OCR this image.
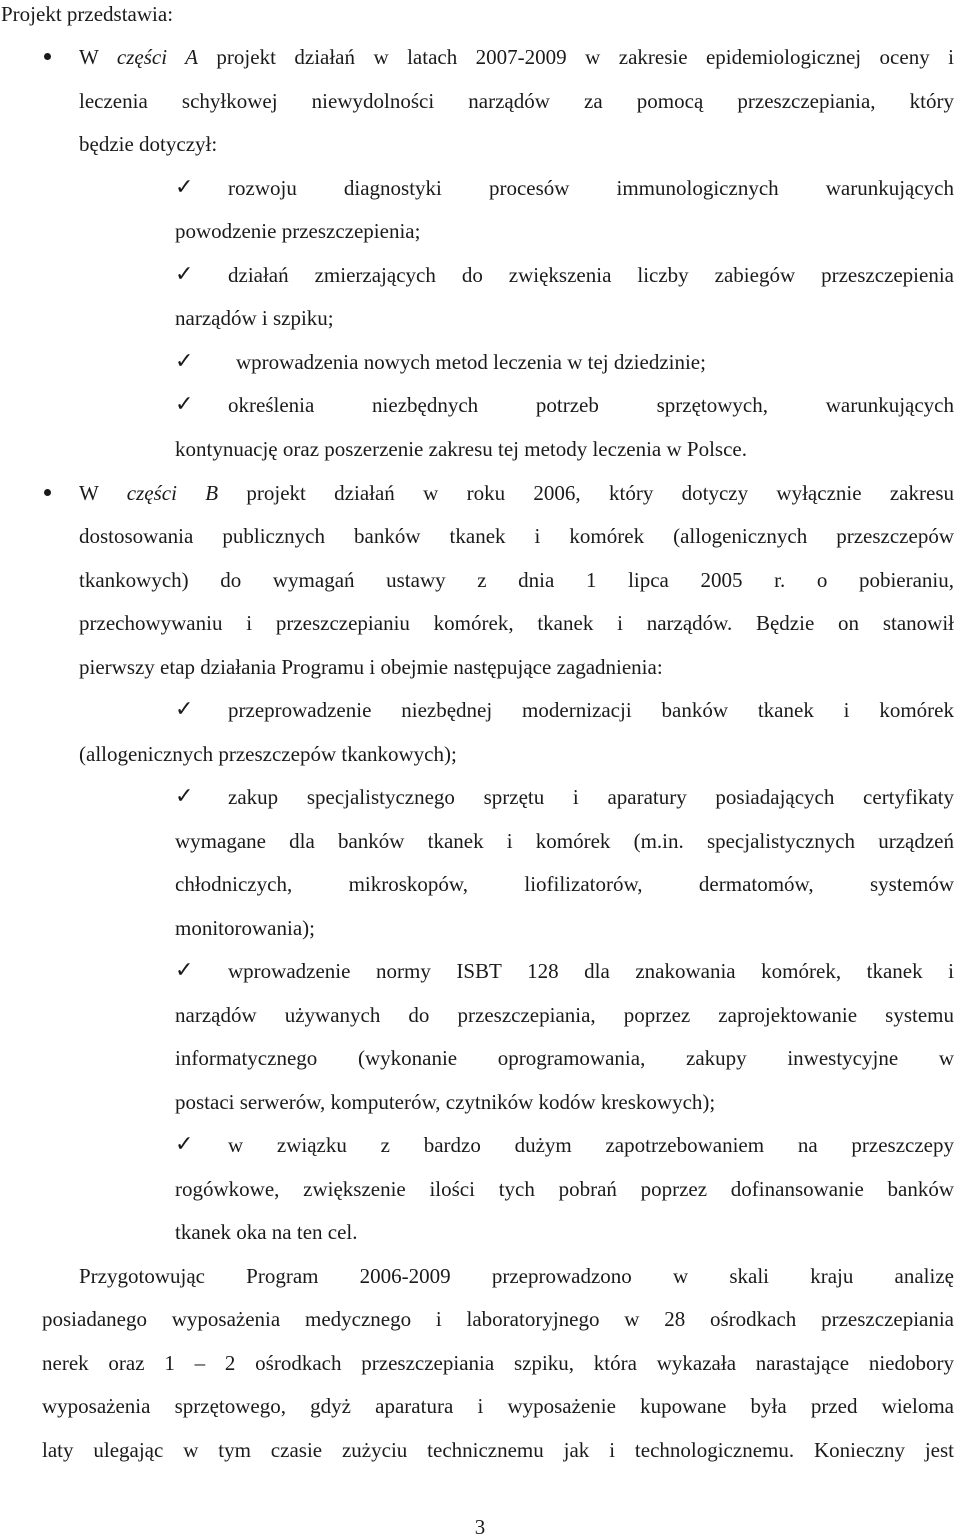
Projekt przedstawia:
W części A projekt działań w latach 2007-2009 w zakresie epidemiologicznej oceny i
leczenia schyłkowej niewydolności narządów za pomocą przeszczepiania, który
będzie dotyczył:
✓ rozwoju diagnostyki procesów immunologicznych warunkujących
powodzenie przeszczepienia;
✓ działań zmierzających do zwiększenia liczby zabiegów przeszczepienia
narządów i szpiku;
✓ wprowadzenia nowych metod leczenia w tej dziedzinie;
✓ określenia niezbędnych potrzeb sprzętowych, warunkujących
kontynuację oraz poszerzenie zakresu tej metody leczenia w Polsce.
W części B projekt działań w roku 2006, który dotyczy wyłącznie zakresu
dostosowania publicznych banków tkanek i komórek (allogenicznych przeszczepów
tkankowych) do wymagań ustawy z dnia 1 lipca 2005 r. o pobieraniu,
przechowywaniu i przeszczepianiu komórek, tkanek i narządów. Będzie on stanowił
pierwszy etap działania Programu i obejmie następujące zagadnienia:
✓ przeprowadzenie niezbędnej modernizacji banków tkanek i komórek
(allogenicznych przeszczepów tkankowych);
✓ zakup specjalistycznego sprzętu i aparatury posiadających certyfikaty
wymagane dla banków tkanek i komórek (m.in. specjalistycznych urządzeń
chłodniczych, mikroskopów, liofilizatorów, dermatomów, systemów
monitorowania);
✓ wprowadzenie normy ISBT 128 dla znakowania komórek, tkanek i
narządów używanych do przeszczepiania, poprzez zaprojektowanie systemu
informatycznego (wykonanie oprogramowania, zakupy inwestycyjne w
postaci serwerów, komputerów, czytników kodów kreskowych);
✓ w związku z bardzo dużym zapotrzebowaniem na przeszczepy
rogówkowe, zwiększenie ilości tych pobrań poprzez dofinansowanie banków
tkanek oka na ten cel.
Przygotowując Program 2006-2009 przeprowadzono w skali kraju analizę
posiadanego wyposażenia medycznego i laboratoryjnego w 28 ośrodkach przeszczepiania
nerek oraz 1 – 2 ośrodkach przeszczepiania szpiku, która wykazała narastające niedobory
wyposażenia sprzętowego, gdyż aparatura i wyposażenie kupowane była przed wieloma
laty ulegając w tym czasie zużyciu technicznemu jak i technologicznemu. Konieczny jest
3
